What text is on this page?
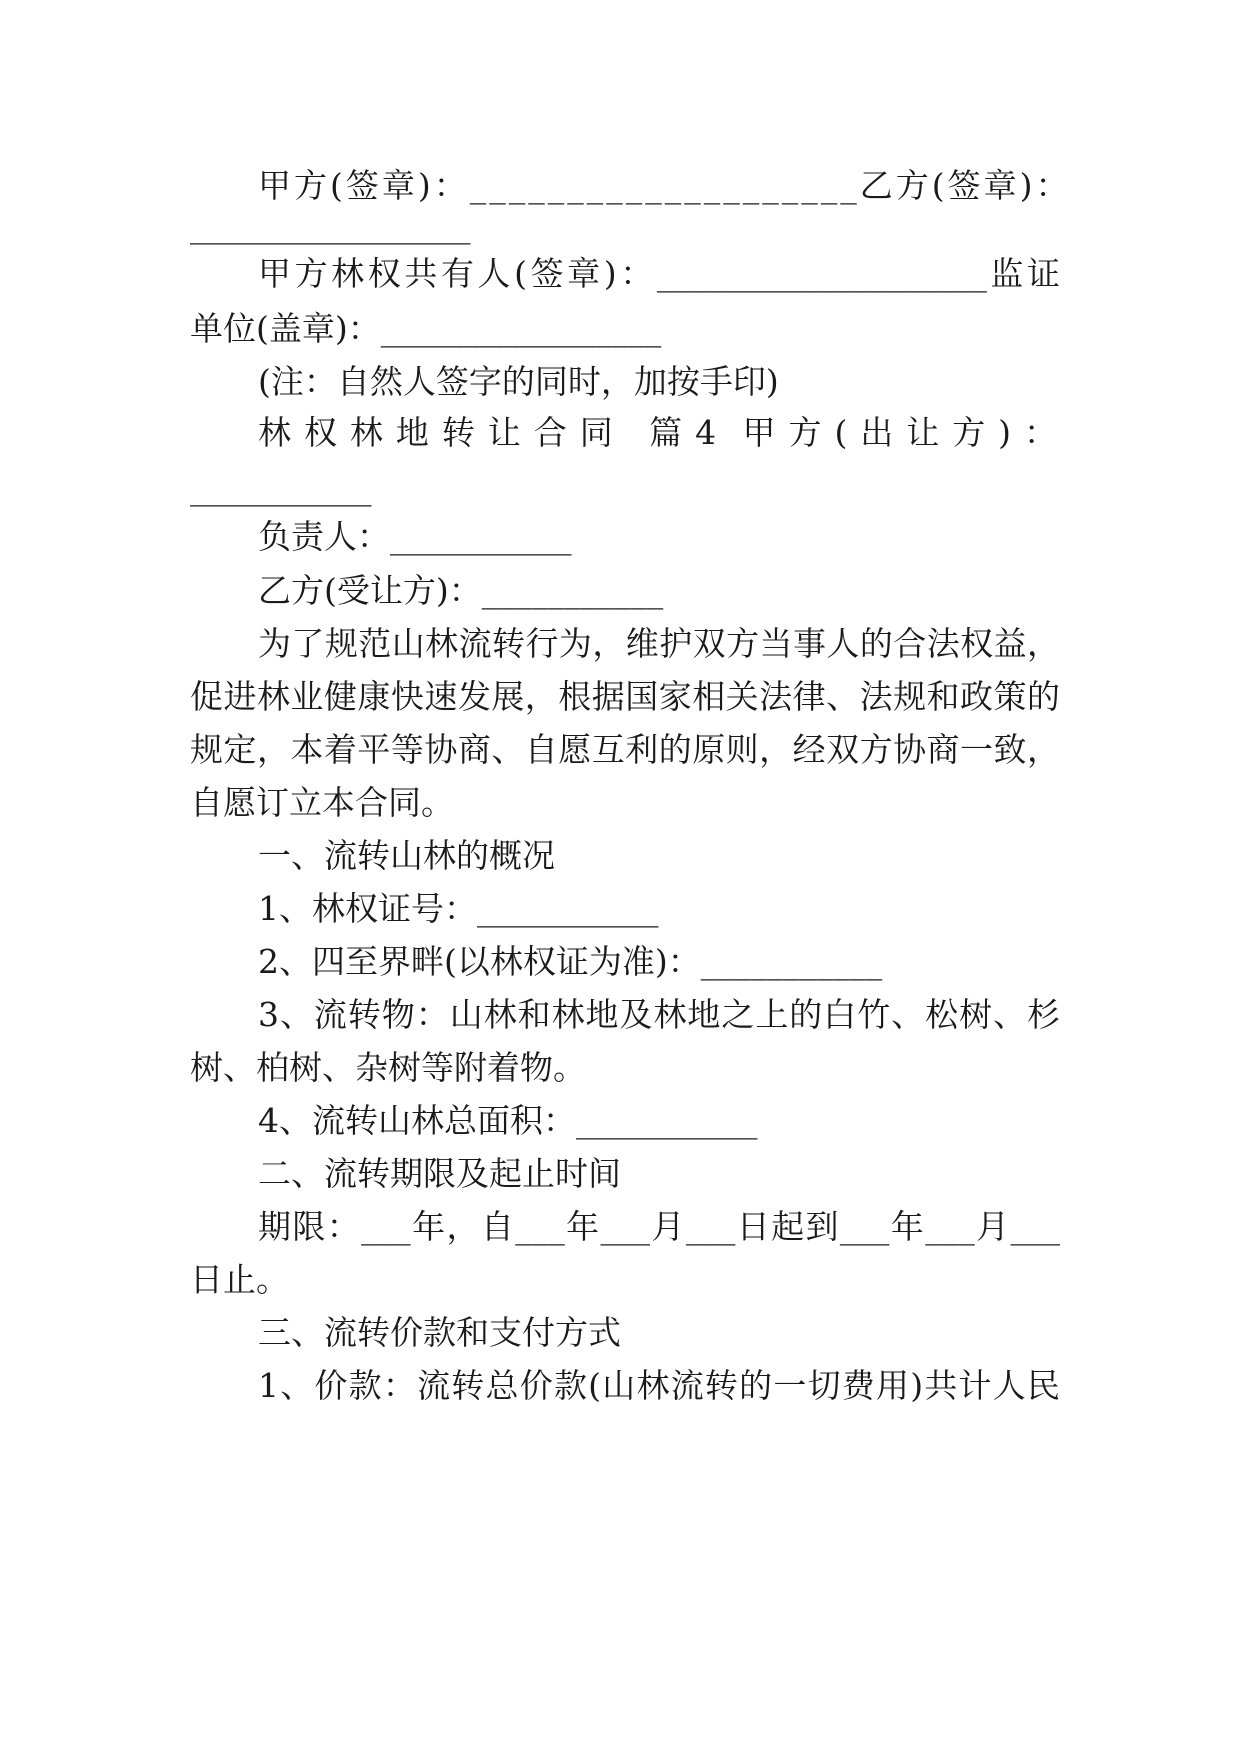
甲方(签章)：____________________乙方(签章)：

_________________

甲方林权共有人(签章)：____________________监证

单位(盖章)：_________________

(注：自然人签字的同时，加按手印)

林权林地转让合同 篇4 甲方(出让方)：

___________

负责人：___________

乙方(受让方)：___________

为了规范山林流转行为，维护双方当事人的合法权益，

促进林业健康快速发展，根据国家相关法律、法规和政策的

规定，本着平等协商、自愿互利的原则，经双方协商一致，

自愿订立本合同。

一、流转山林的概况

1、林权证号：___________

2、四至界畔(以林权证为准)：___________

3、流转物：山林和林地及林地之上的白竹、松树、杉

树、柏树、杂树等附着物。

4、流转山林总面积：___________

二、流转期限及起止时间

期限：___年，自___年___月___日起到___年___月___

日止。

三、流转价款和支付方式

1、价款：流转总价款(山林流转的一切费用)共计人民
